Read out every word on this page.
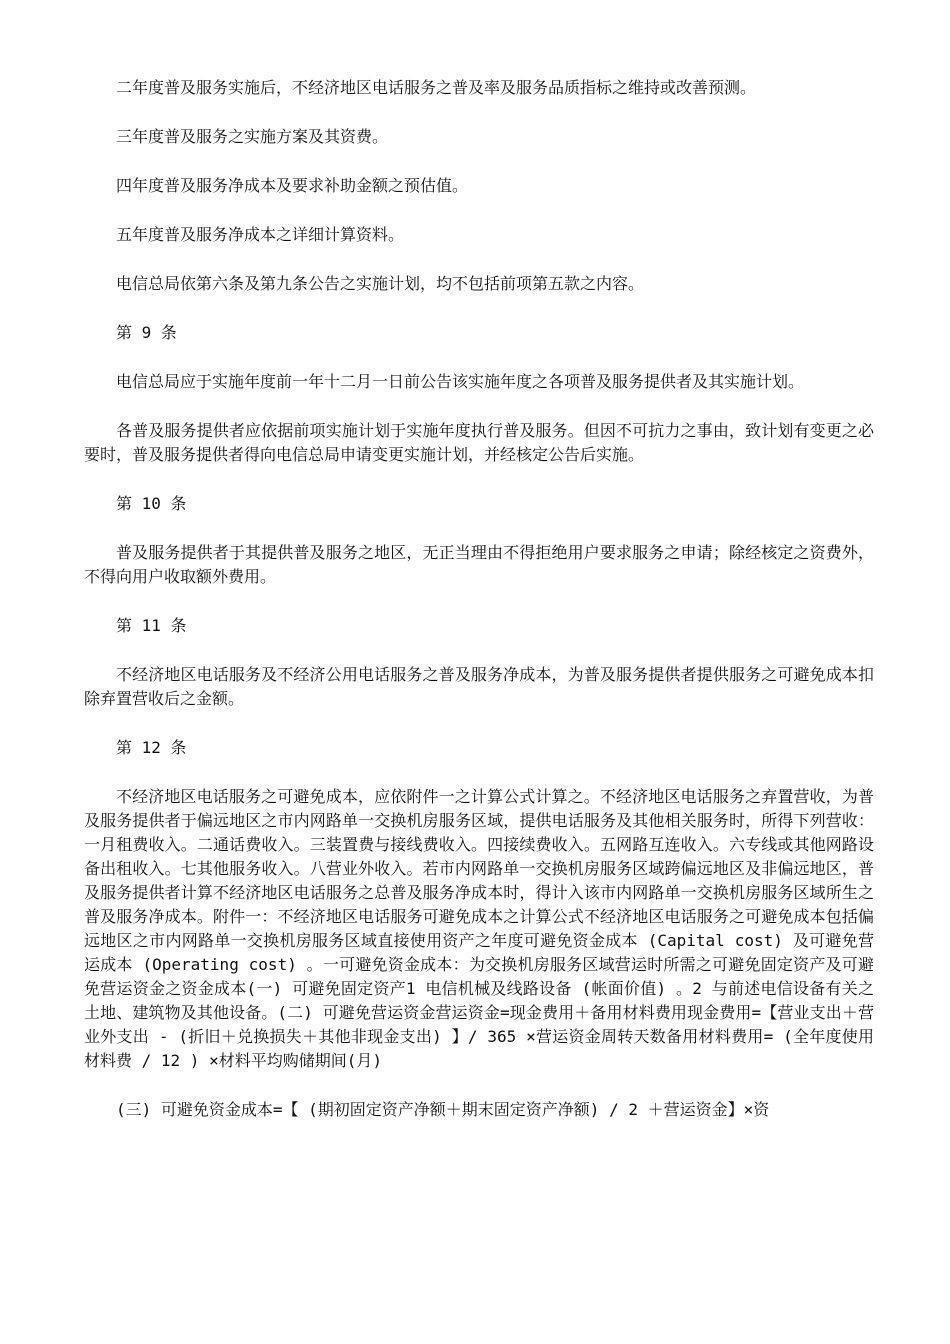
二年度普及服务实施后，不经济地区电话服务之普及率及服务品质指标之维持或改善预测。

三年度普及服务之实施方案及其资费。

四年度普及服务净成本及要求补助金额之预估值。

五年度普及服务净成本之详细计算资料。

电信总局依第六条及第九条公告之实施计划，均不包括前项第五款之内容。

第 9 条

电信总局应于实施年度前一年十二月一日前公告该实施年度之各项普及服务提供者及其实施计划。

各普及服务提供者应依据前项实施计划于实施年度执行普及服务。但因不可抗力之事由，致计划有变更之必要时，普及服务提供者得向电信总局申请变更实施计划，并经核定公告后实施。

第 10 条

普及服务提供者于其提供普及服务之地区，无正当理由不得拒绝用户要求服务之申请；除经核定之资费外，不得向用户收取额外费用。

第 11 条

不经济地区电话服务及不经济公用电话服务之普及服务净成本，为普及服务提供者提供服务之可避免成本扣除弃置营收后之金额。

第 12 条

不经济地区电话服务之可避免成本，应依附件一之计算公式计算之。不经济地区电话服务之弃置营收，为普及服务提供者于偏远地区之市内网路单一交换机房服务区域，提供电话服务及其他相关服务时，所得下列营收：一月租费收入。二通话费收入。三装置费与接线费收入。四接续费收入。五网路互连收入。六专线或其他网路设备出租收入。七其他服务收入。八营业外收入。若市内网路单一交换机房服务区域跨偏远地区及非偏远地区，普及服务提供者计算不经济地区电话服务之总普及服务净成本时，得计入该市内网路单一交换机房服务区域所生之普及服务净成本。附件一：不经济地区电话服务可避免成本之计算公式不经济地区电话服务之可避免成本包括偏远地区之市内网路单一交换机房服务区域直接使用资产之年度可避免资金成本 (Capital cost) 及可避免营运成本 (Operating cost) 。一可避免资金成本：为交换机房服务区域营运时所需之可避免固定资产及可避免营运资金之资金成本(一) 可避免固定资产1 电信机械及线路设备 (帐面价值) 。2 与前述电信设备有关之土地、建筑物及其他设备。(二) 可避免营运资金营运资金=现金费用＋备用材料费用现金费用=【营业支出＋营业外支出 - (折旧＋兑换损失＋其他非现金支出) 】/ 365 ×营运资金周转天数备用材料费用= (全年度使用材料费 / 12 ) ×材料平均购储期间(月)

(三) 可避免资金成本=【 (期初固定资产净额＋期末固定资产净额) / 2 ＋营运资金】×资
